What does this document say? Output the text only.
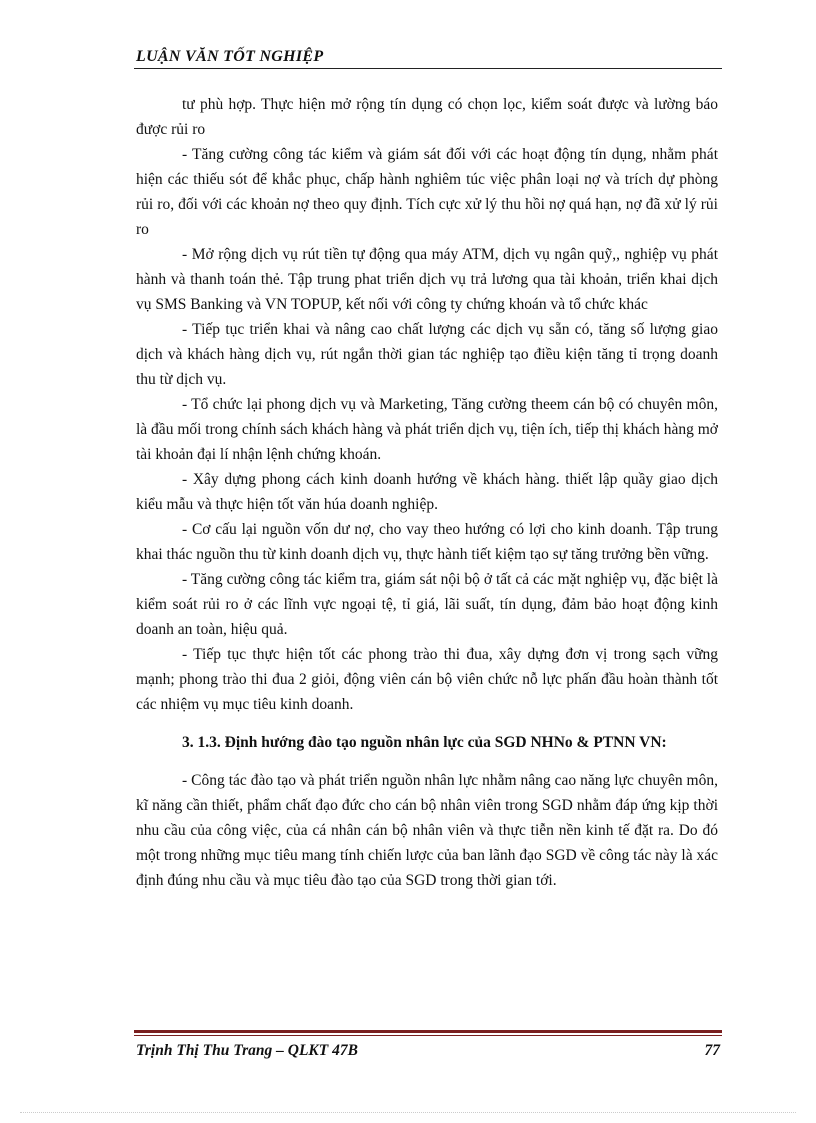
LUẬN VĂN TỐT NGHIỆP

tư phù hợp. Thực hiện mở rộng tín dụng có chọn lọc, kiểm soát được và lường báo được rủi ro

- Tăng cường công tác kiểm và giám sát đối với các hoạt động tín dụng, nhằm phát hiện các thiếu sót để khắc phục, chấp hành nghiêm túc việc phân loại nợ và trích dự phòng rủi ro, đối với các khoản nợ theo quy định. Tích cực xử lý thu hồi nợ quá hạn, nợ đã xử lý rủi ro

- Mở rộng dịch vụ rút tiền tự động qua máy ATM, dịch vụ ngân quỹ,, nghiệp vụ phát hành và thanh toán thẻ. Tập trung phat triển dịch vụ trả lương qua tài khoản, triển khai dịch vụ SMS Banking và VN TOPUP, kết nối với công ty chứng khoán và tổ chức khác

- Tiếp tục triển khai và nâng cao chất lượng các dịch vụ sẵn có, tăng số lượng giao dịch và khách hàng dịch vụ, rút ngắn thời gian tác nghiệp tạo điều kiện tăng tỉ trọng doanh thu từ dịch vụ.

- Tổ chức lại phong dịch vụ và Marketing, Tăng cường theem cán bộ có chuyên môn, là đầu mối trong chính sách khách hàng và phát triển dịch vụ, tiện ích, tiếp thị khách hàng mở tài khoản đại lí nhận lệnh chứng khoán.

- Xây dựng phong cách kinh doanh hướng về khách hàng. thiết lập quầy giao dịch kiểu mẫu và thực hiện tốt văn húa doanh nghiệp.

- Cơ cấu lại nguồn vốn dư nợ, cho vay theo hướng có lợi cho kinh doanh. Tập trung khai thác nguồn thu từ kinh doanh dịch vụ, thực hành tiết kiệm tạo sự tăng trưởng bền vững.

- Tăng cường công tác kiểm tra, giám sát nội bộ ở tất cả các mặt nghiệp vụ, đặc biệt là kiểm soát rủi ro ở các lĩnh vực ngoại tệ, tỉ giá, lãi suất, tín dụng, đảm bảo hoạt động kinh doanh an toàn, hiệu quả.

- Tiếp tục thực hiện tốt các phong trào thi đua, xây dựng đơn vị trong sạch vững mạnh; phong trào thi đua 2 giỏi, động viên cán bộ viên chức nỗ lực phấn đầu hoàn thành tốt các nhiệm vụ mục tiêu kinh doanh.

3. 1.3. Định hướng đào tạo nguồn nhân lực của SGD NHNo & PTNN VN:

- Công tác đào tạo và phát triển nguồn nhân lực nhằm nâng cao năng lực chuyên môn, kĩ năng cần thiết, phẩm chất đạo đức cho cán bộ nhân viên trong SGD nhằm đáp ứng kịp thời nhu cầu của công việc, của cá nhân cán bộ nhân viên và thực tiễn nền kinh tế đặt ra. Do đó một trong những mục tiêu mang tính chiến lược của ban lãnh đạo SGD về công tác này là xác định đúng nhu cầu và mục tiêu đào tạo của SGD trong thời gian tới.

Trịnh Thị Thu Trang – QLKT 47B	77
